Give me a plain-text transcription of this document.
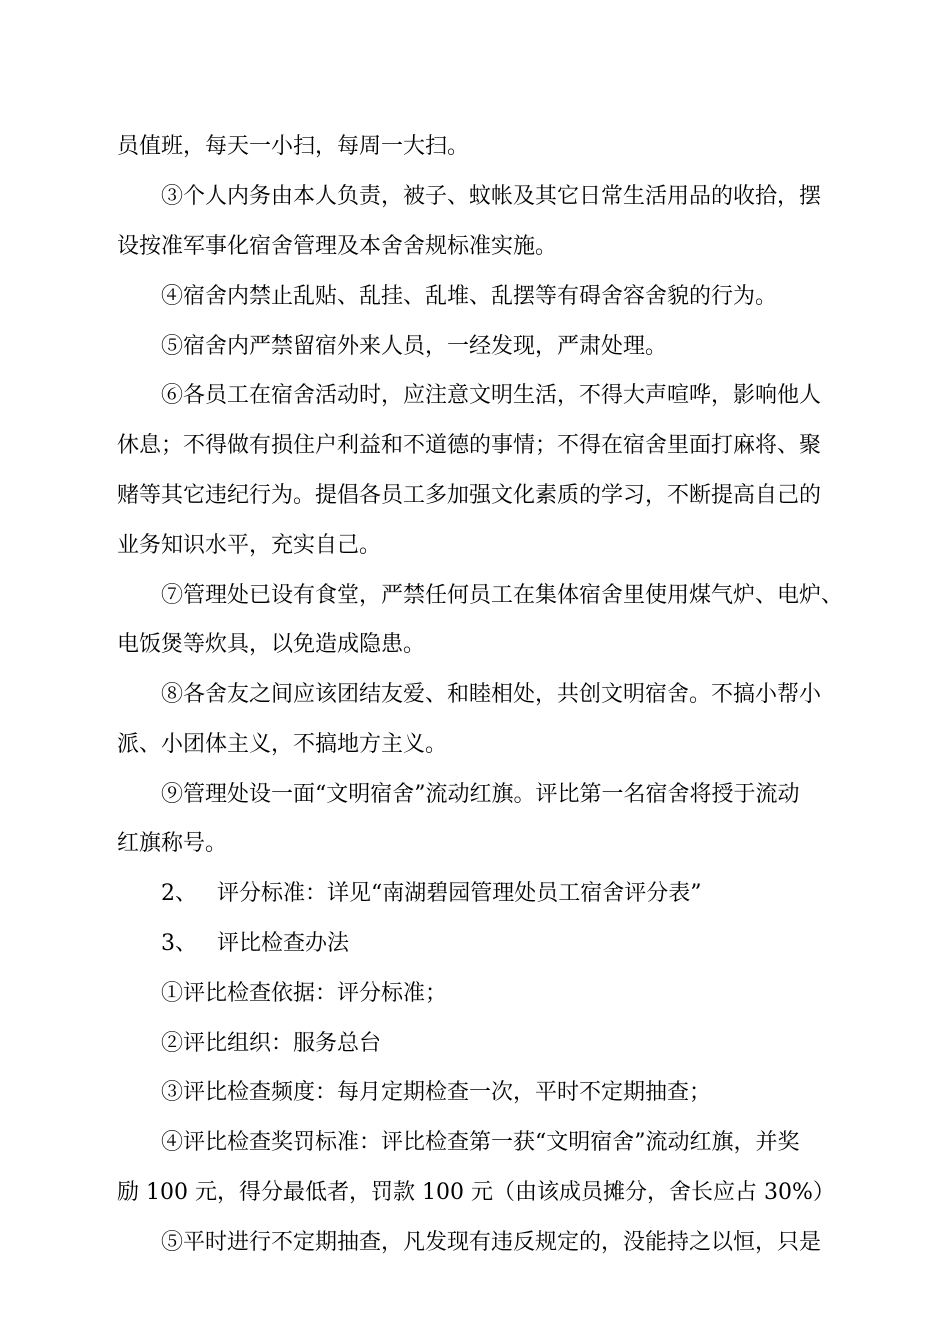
员值班，每天一小扫，每周一大扫。
③个人内务由本人负责，被子、蚊帐及其它日常生活用品的收拾，摆
设按准军事化宿舍管理及本舍舍规标准实施。
④宿舍内禁止乱贴、乱挂、乱堆、乱摆等有碍舍容舍貌的行为。
⑤宿舍内严禁留宿外来人员，一经发现，严肃处理。
⑥各员工在宿舍活动时，应注意文明生活，不得大声喧哗，影响他人
休息；不得做有损住户利益和不道德的事情；不得在宿舍里面打麻将、聚
赌等其它违纪行为。提倡各员工多加强文化素质的学习，不断提高自己的
业务知识水平，充实自己。
⑦管理处已设有食堂，严禁任何员工在集体宿舍里使用煤气炉、电炉、
电饭煲等炊具，以免造成隐患。
⑧各舍友之间应该团结友爱、和睦相处，共创文明宿舍。不搞小帮小
派、小团体主义，不搞地方主义。
⑨管理处设一面“文明宿舍”流动红旗。评比第一名宿舍将授于流动
红旗称号。
2、 评分标准：详见“南湖碧园管理处员工宿舍评分表”
3、 评比检查办法
①评比检查依据：评分标准；
②评比组织：服务总台
③评比检查频度：每月定期检查一次，平时不定期抽查；
④评比检查奖罚标准：评比检查第一获“文明宿舍”流动红旗，并奖
励 100 元，得分最低者，罚款 100 元（由该成员摊分，舍长应占 30%）
⑤平时进行不定期抽查，凡发现有违反规定的，没能持之以恒，只是
